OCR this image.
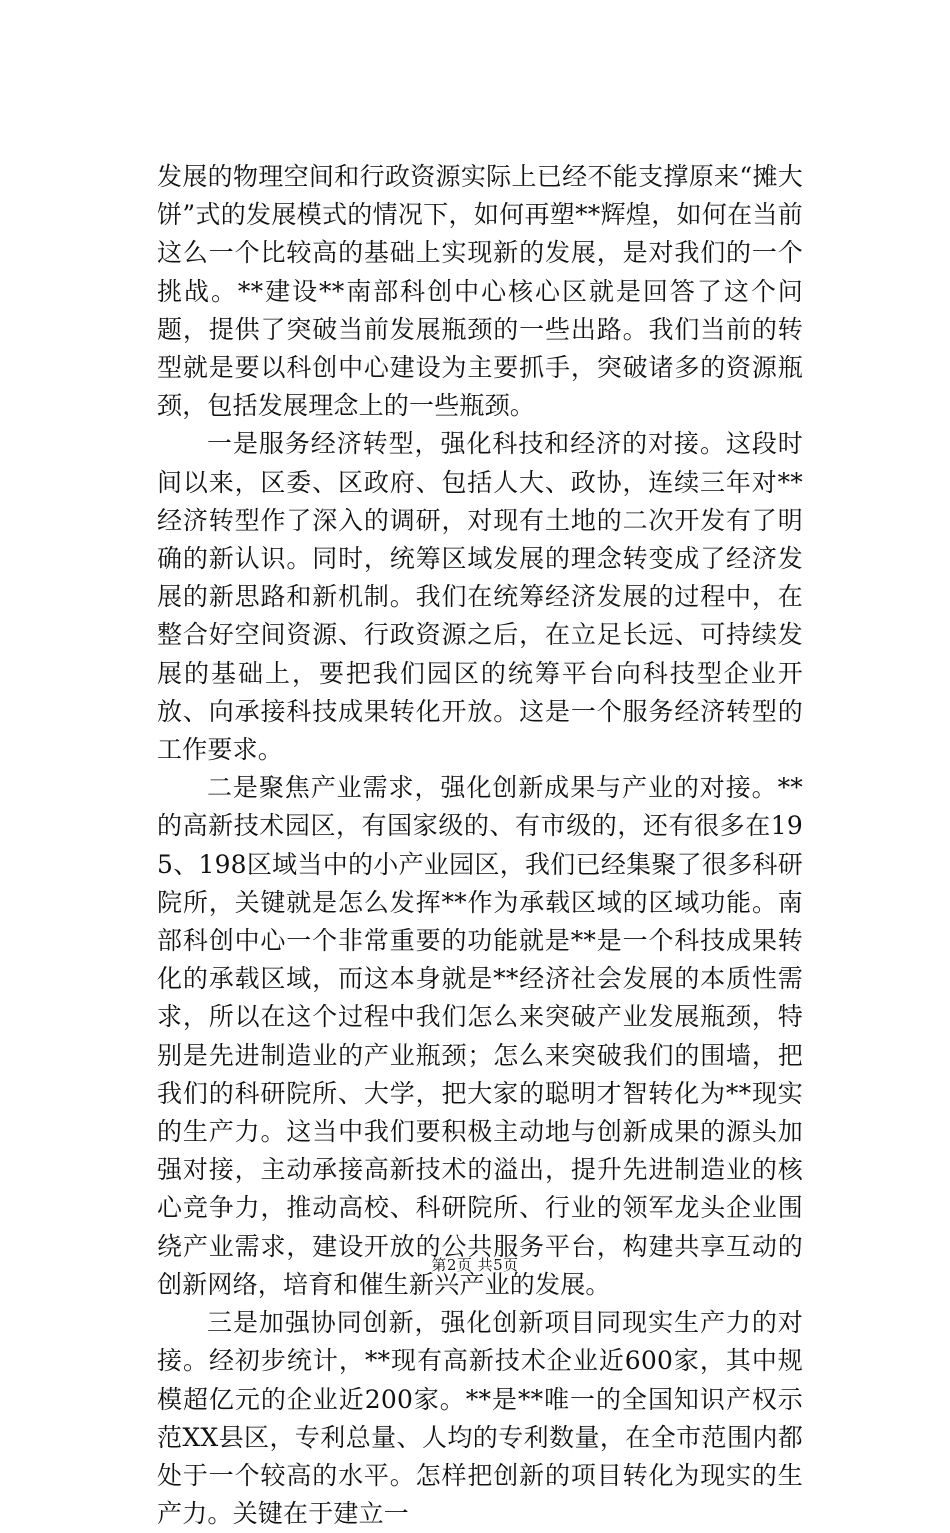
发展的物理空间和行政资源实际上已经不能支撑原来“摊大饼”式的发展模式的情况下，如何再塑**辉煌，如何在当前这么一个比较高的基础上实现新的发展，是对我们的一个挑战。**建设**南部科创中心核心区就是回答了这个问题，提供了突破当前发展瓶颈的一些出路。我们当前的转型就是要以科创中心建设为主要抓手，突破诸多的资源瓶颈，包括发展理念上的一些瓶颈。

一是服务经济转型，强化科技和经济的对接。这段时间以来，区委、区政府、包括人大、政协，连续三年对**经济转型作了深入的调研，对现有土地的二次开发有了明确的新认识。同时，统筹区域发展的理念转变成了经济发展的新思路和新机制。我们在统筹经济发展的过程中，在整合好空间资源、行政资源之后，在立足长远、可持续发展的基础上，要把我们园区的统筹平台向科技型企业开放、向承接科技成果转化开放。这是一个服务经济转型的工作要求。

二是聚焦产业需求，强化创新成果与产业的对接。**的高新技术园区，有国家级的、有市级的，还有很多在195、198区域当中的小产业园区，我们已经集聚了很多科研院所，关键就是怎么发挥**作为承载区域的区域功能。南部科创中心一个非常重要的功能就是**是一个科技成果转化的承载区域，而这本身就是**经济社会发展的本质性需求，所以在这个过程中我们怎么来突破产业发展瓶颈，特别是先进制造业的产业瓶颈；怎么来突破我们的围墙，把我们的科研院所、大学，把大家的聪明才智转化为**现实的生产力。这当中我们要积极主动地与创新成果的源头加强对接，主动承接高新技术的溢出，提升先进制造业的核心竞争力，推动高校、科研院所、行业的领军龙头企业围绕产业需求，建设开放的公共服务平台，构建共享互动的创新网络，培育和催生新兴产业的发展。

三是加强协同创新，强化创新项目同现实生产力的对接。经初步统计，**现有高新技术企业近600家，其中规模超亿元的企业近200家。**是**唯一的全国知识产权示范XX县区，专利总量、人均的专利数量，在全市范围内都处于一个较高的水平。怎样把创新的项目转化为现实的生产力。关键在于建立一

第2页 共5页
